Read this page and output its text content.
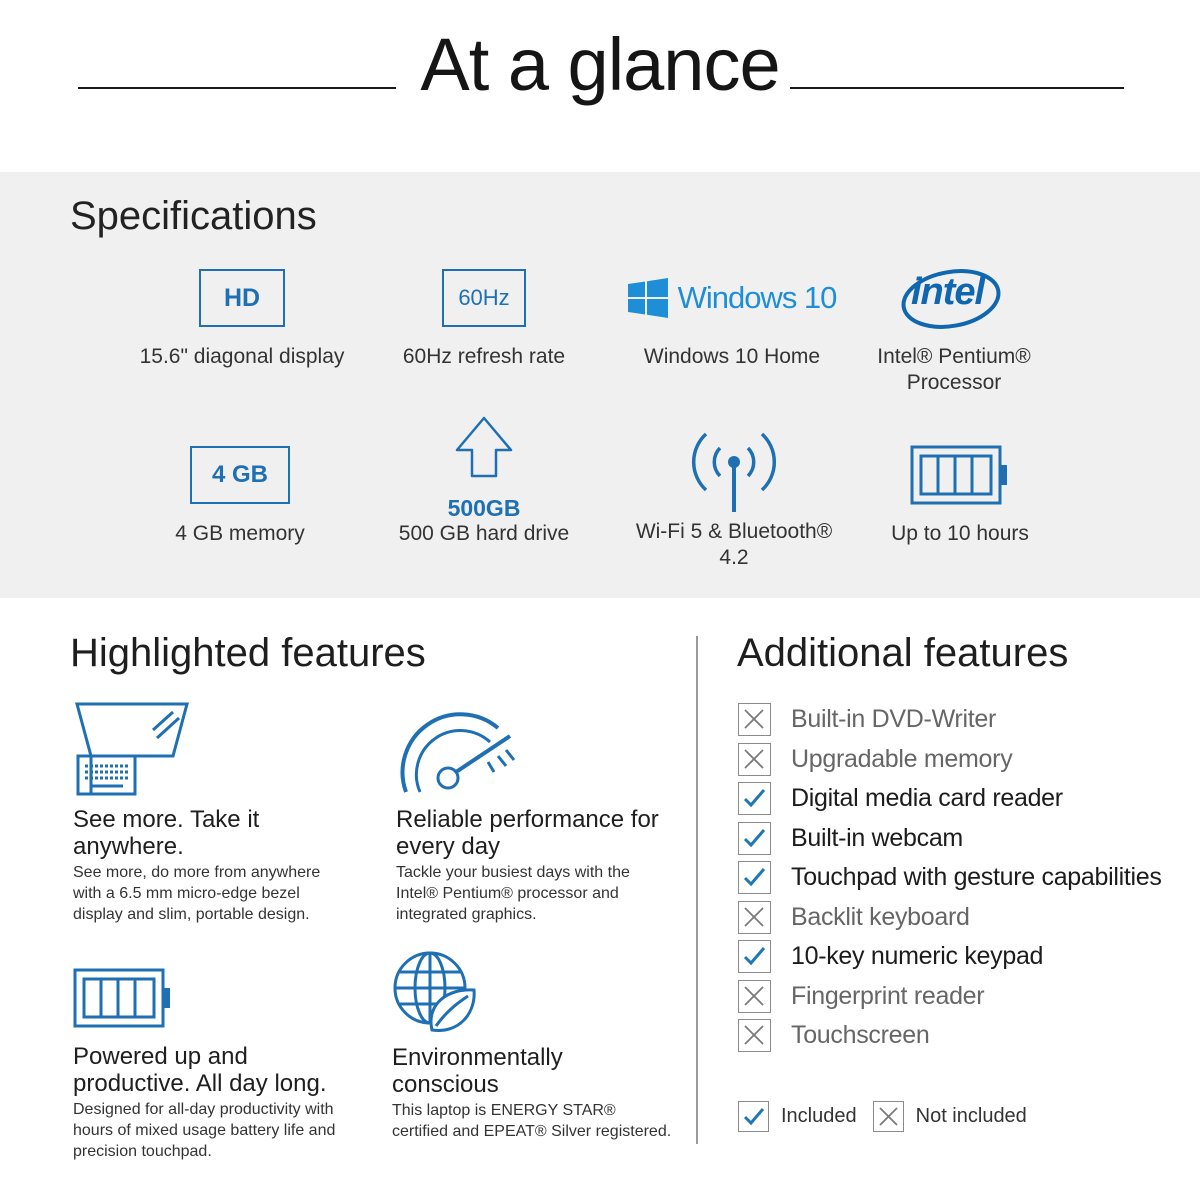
At a glance
Specifications
HD
15.6" diagonal display
60Hz
60Hz refresh rate
Windows 10
Windows 10 Home
intel
Intel® Pentium® Processor
4 GB
4 GB memory
500GB
500 GB hard drive	Wi-Fi 5 & Bluetooth® 4.2
Up to 10 hours
Highlighted features
See more. Take it anywhere.
See more, do more from anywhere with a 6.5 mm micro-edge bezel display and slim, portable design.
Reliable performance for every day
Tackle your busiest days with the Intel® Pentium® processor and integrated graphics.
Powered up and productive. All day long.
Designed for all-day productivity with hours of mixed usage battery life and precision touchpad.
Environmentally conscious
This laptop is ENERGY STAR® certified and EPEAT® Silver registered.
Additional features
Built-in DVD-Writer
Upgradable memory
Digital media card reader
Built-in webcam
Touchpad with gesture capabilities
Backlit keyboard
10-key numeric keypad
Fingerprint reader
Touchscreen
Included	Not included
